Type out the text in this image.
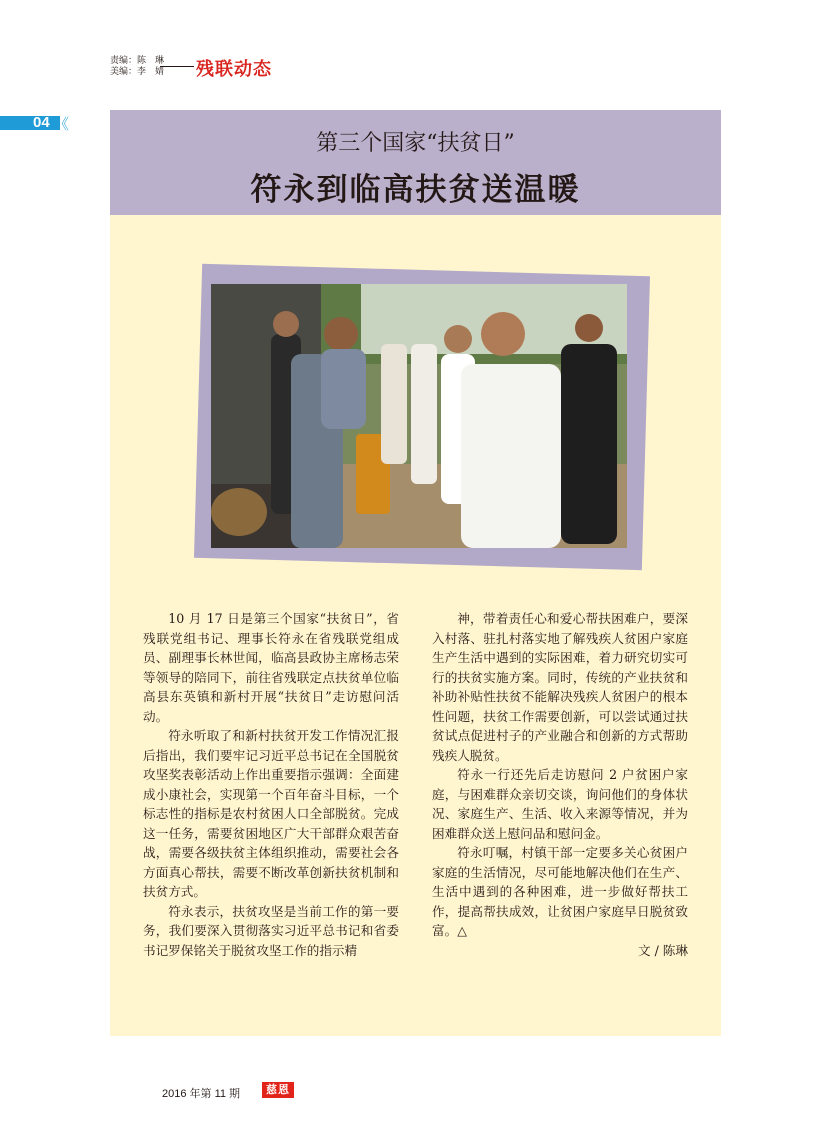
责编：陈　琳
美编：李　婧 残联动态
04 《
第三个国家“扶贫日”
符永到临高扶贫送温暖

10 月 17 日是第三个国家“扶贫日”，省残联党组书记、理事长符永在省残联党组成员、副理事长林世闻，临高县政协主席杨志荣等领导的陪同下，前往省残联定点扶贫单位临高县东英镇和新村开展“扶贫日”走访慰问活动。

符永听取了和新村扶贫开发工作情况汇报后指出，我们要牢记习近平总书记在全国脱贫攻坚奖表彰活动上作出重要指示强调：全面建成小康社会，实现第一个百年奋斗目标，一个标志性的指标是农村贫困人口全部脱贫。完成这一任务，需要贫困地区广大干部群众艰苦奋战，需要各级扶贫主体组织推动，需要社会各方面真心帮扶，需要不断改革创新扶贫机制和扶贫方式。

符永表示，扶贫攻坚是当前工作的第一要务，我们要深入贯彻落实习近平总书记和省委书记罗保铭关于脱贫攻坚工作的指示精

神，带着责任心和爱心帮扶困难户，要深入村落、驻扎村落实地了解残疾人贫困户家庭生产生活中遇到的实际困难，着力研究切实可行的扶贫实施方案。同时，传统的产业扶贫和补助补贴性扶贫不能解决残疾人贫困户的根本性问题，扶贫工作需要创新，可以尝试通过扶贫试点促进村子的产业融合和创新的方式帮助残疾人脱贫。

符永一行还先后走访慰问 2 户贫困户家庭，与困难群众亲切交谈，询问他们的身体状况、家庭生产、生活、收入来源等情况，并为困难群众送上慰问品和慰问金。

符永叮嘱，村镇干部一定要多关心贫困户家庭的生活情况，尽可能地解决他们在生产、生活中遇到的各种困难，进一步做好帮扶工作，提高帮扶成效，让贫困户家庭早日脱贫致富。△

文 / 陈琳

2016 年第 11 期	慈恩
